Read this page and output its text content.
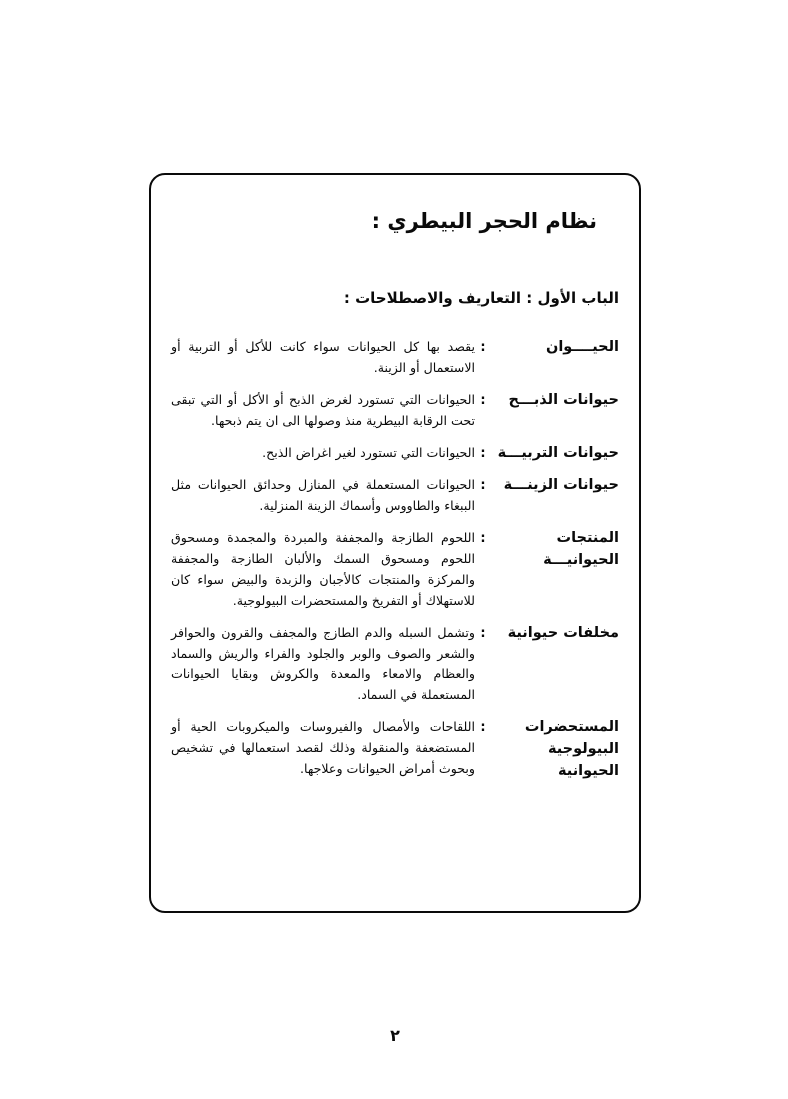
نظام الحجر البيطري :
الباب الأول : التعاريف والاصطلاحات :
الحيــــوان
:
يقصد بها كل الحيوانات سواء كانت للأكل أو التربية أو الاستعمال أو الزينة.
حيوانات الذبـــح
:
الحيوانات التي تستورد لغرض الذبح أو الأكل أو التي تبقى تحت الرقابة البيطرية منذ وصولها الى ان يتم ذبحها.
حيوانات التربيـــة
:
الحيوانات التي تستورد لغير اغراض الذبح.
حيوانات الزينـــة
:
الحيوانات المستعملة في المنازل وحدائق الحيوانات مثل الببغاء والطاووس وأسماك الزينة المنزلية.
المنتجات الحيوانيـــة
:
اللحوم الطازجة والمجففة والمبردة والمجمدة ومسحوق اللحوم ومسحوق السمك والألبان الطازجة والمجففة والمركزة والمنتجات كالأجبان والزبدة والبيض سواء كان للاستهلاك أو التفريخ والمستحضرات البيولوجية.
مخلفات حيوانية
:
وتشمل السبله والدم الطازج والمجفف والقرون والحوافر والشعر والصوف والوبر والجلود والفراء والريش والسماد والعظام والامعاء والمعدة والكروش وبقايا الحيوانات المستعملة في السماد.
المستحضرات البيولوجية الحيوانية
:
اللقاحات والأمصال والفيروسات والميكروبات الحية أو المستضعفة والمنقولة وذلك لقصد استعمالها في تشخيص وبحوث أمراض الحيوانات وعلاجها.
٢
